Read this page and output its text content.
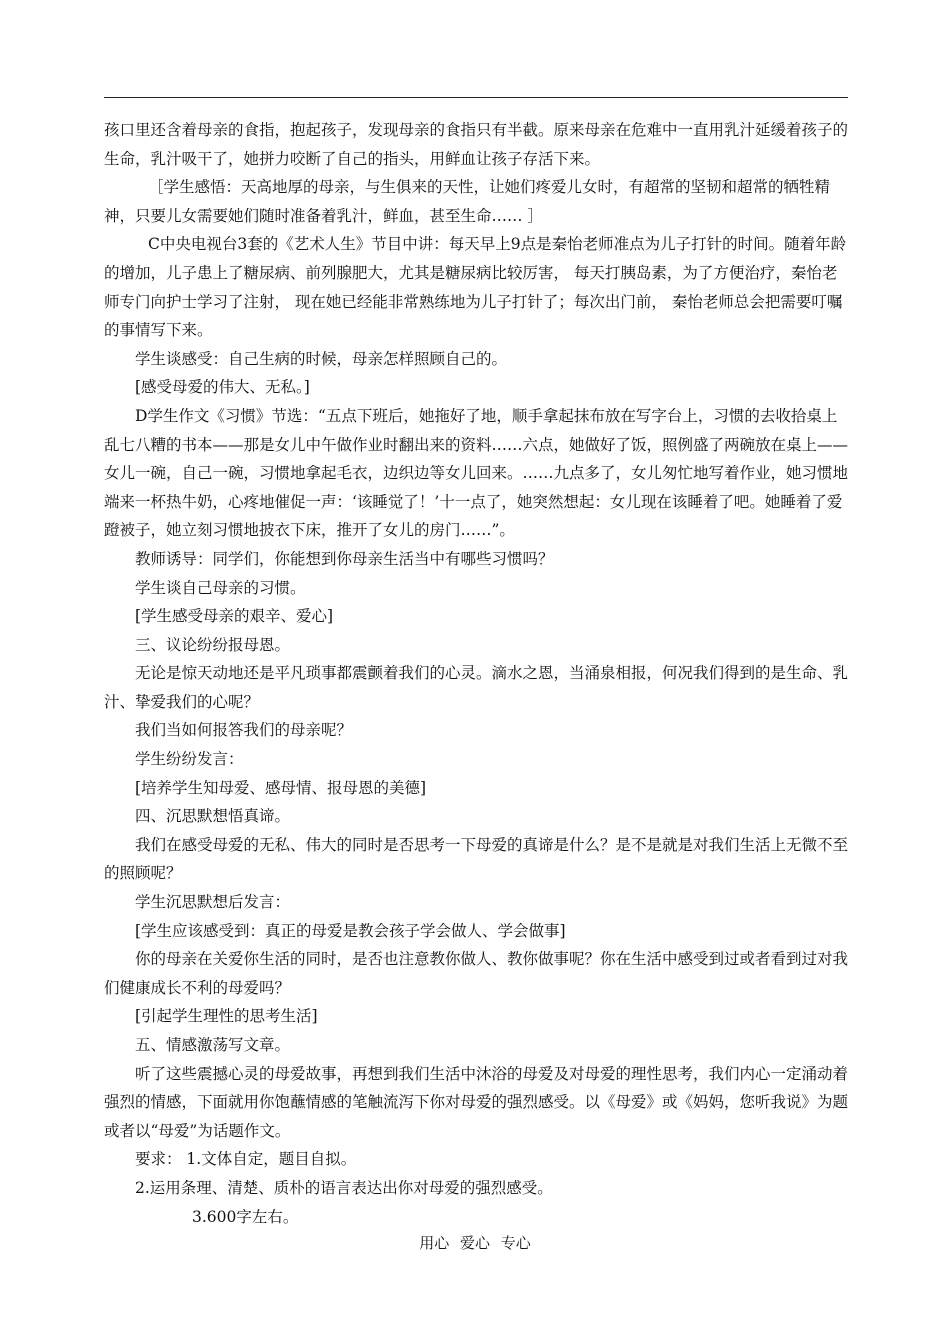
孩口里还含着母亲的食指，抱起孩子，发现母亲的食指只有半截。原来母亲在危难中一直用乳汁延缓着孩子的生命，乳汁吸干了，她拼力咬断了自己的指头，用鲜血让孩子存活下来。

［学生感悟：天高地厚的母亲，与生俱来的天性，让她们疼爱儿女时，有超常的坚韧和超常的牺牲精神，只要儿女需要她们随时准备着乳汁，鲜血，甚至生命…… ］

C中央电视台3套的《艺术人生》节目中讲：每天早上9点是秦怡老师准点为儿子打针的时间。随着年龄的增加，儿子患上了糖尿病、前列腺肥大，尤其是糖尿病比较厉害， 每天打胰岛素，为了方便治疗，秦怡老师专门向护士学习了注射， 现在她已经能非常熟练地为儿子打针了；每次出门前， 秦怡老师总会把需要叮嘱的事情写下来。

学生谈感受：自己生病的时候，母亲怎样照顾自己的。

[感受母爱的伟大、无私。]

D学生作文《习惯》节选：“五点下班后，她拖好了地，顺手拿起抹布放在写字台上，习惯的去收拾桌上乱七八糟的书本——那是女儿中午做作业时翻出来的资料……六点，她做好了饭，照例盛了两碗放在桌上——女儿一碗，自己一碗，习惯地拿起毛衣，边织边等女儿回来。……九点多了，女儿匆忙地写着作业，她习惯地端来一杯热牛奶，心疼地催促一声：‘该睡觉了！’十一点了，她突然想起：女儿现在该睡着了吧。她睡着了爱蹬被子，她立刻习惯地披衣下床，推开了女儿的房门……”。

教师诱导：同学们，你能想到你母亲生活当中有哪些习惯吗？

学生谈自己母亲的习惯。

[学生感受母亲的艰辛、爱心]

三、议论纷纷报母恩。

无论是惊天动地还是平凡琐事都震颤着我们的心灵。滴水之恩，当涌泉相报，何况我们得到的是生命、乳汁、挚爱我们的心呢？

我们当如何报答我们的母亲呢？

学生纷纷发言：

[培养学生知母爱、感母情、报母恩的美德]

四、沉思默想悟真谛。

我们在感受母爱的无私、伟大的同时是否思考一下母爱的真谛是什么？是不是就是对我们生活上无微不至的照顾呢？

学生沉思默想后发言：

[学生应该感受到：真正的母爱是教会孩子学会做人、学会做事]

你的母亲在关爱你生活的同时，是否也注意教你做人、教你做事呢？你在生活中感受到过或者看到过对我们健康成长不利的母爱吗？

[引起学生理性的思考生活]

五、情感激荡写文章。

听了这些震撼心灵的母爱故事，再想到我们生活中沐浴的母爱及对母爱的理性思考，我们内心一定涌动着强烈的情感，下面就用你饱蘸情感的笔触流泻下你对母爱的强烈感受。以《母爱》或《妈妈，您听我说》为题或者以“母爱”为话题作文。

要求： 1.文体自定，题目自拟。

2.运用条理、清楚、质朴的语言表达出你对母爱的强烈感受。

3.600字左右。

用心 爱心 专心
